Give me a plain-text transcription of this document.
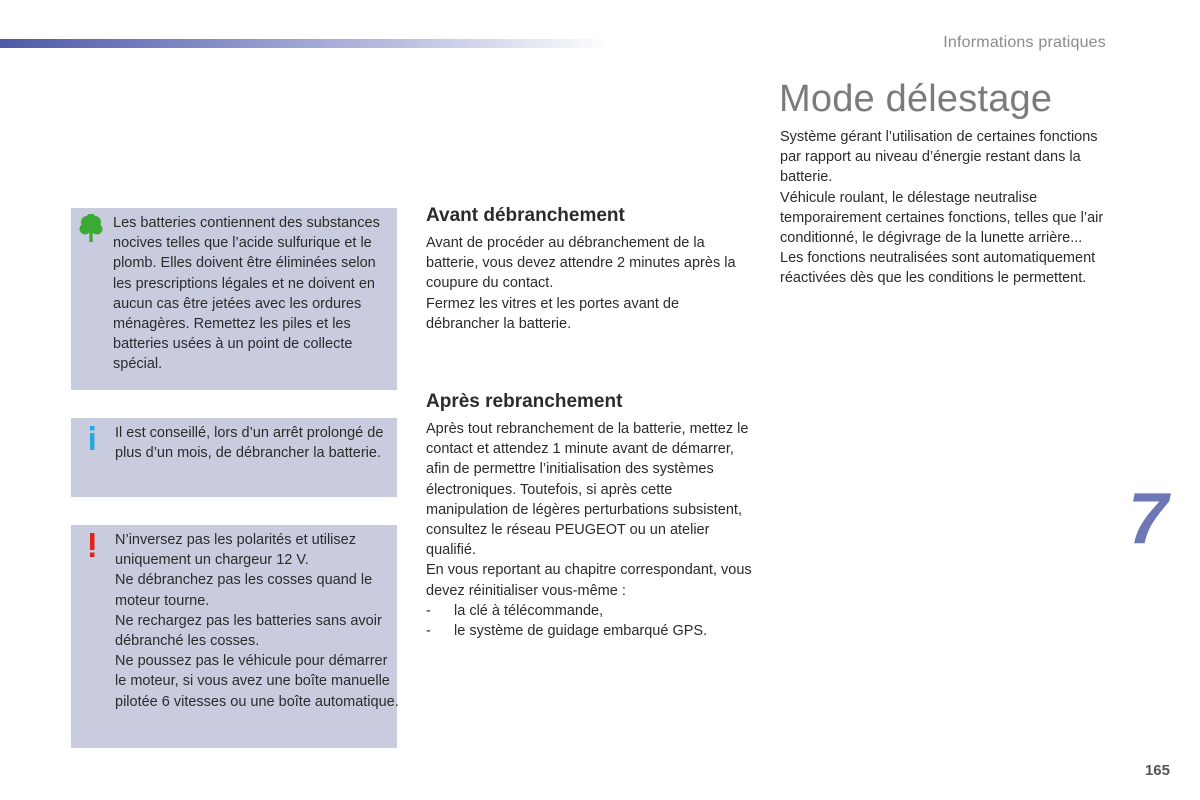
Informations pratiques
Mode délestage

Système gérant l’utilisation de certaines fonctions par rapport au niveau d’énergie restant dans la batterie.

Véhicule roulant, le délestage neutralise temporairement certaines fonctions, telles que l’air conditionné, le dégivrage de la lunette arrière...

Les fonctions neutralisées sont automatiquement réactivées dès que les conditions le permettent.

Les batteries contiennent des substances nocives telles que l’acide sulfurique et le plomb. Elles doivent être éliminées selon les prescriptions légales et ne doivent en aucun cas être jetées avec les ordures ménagères. Remettez les piles et les batteries usées à un point de collecte spécial.
Il est conseillé, lors d’un arrêt prolongé de plus d’un mois, de débrancher la batterie.

N’inversez pas les polarités et utilisez uniquement un chargeur 12 V.

Ne débranchez pas les cosses quand le moteur tourne.

Ne rechargez pas les batteries sans avoir débranché les cosses.

Ne poussez pas le véhicule pour démarrer le moteur, si vous avez une boîte manuelle pilotée 6 vitesses ou une boîte automatique.

Avant débranchement

Avant de procéder au débranchement de la batterie, vous devez attendre 2 minutes après la coupure du contact.

Fermez les vitres et les portes avant de débrancher la batterie.

Après rebranchement

Après tout rebranchement de la batterie, mettez le contact et attendez 1 minute avant de démarrer, afin de permettre l’initialisation des systèmes électroniques. Toutefois, si après cette manipulation de légères perturbations subsistent, consultez le réseau PEUGEOT ou un atelier qualifié.

En vous reportant au chapitre correspondant, vous devez réinitialiser vous-même :

-	la clé à télécommande,
-	le système de guidage embarqué GPS.
7
165
